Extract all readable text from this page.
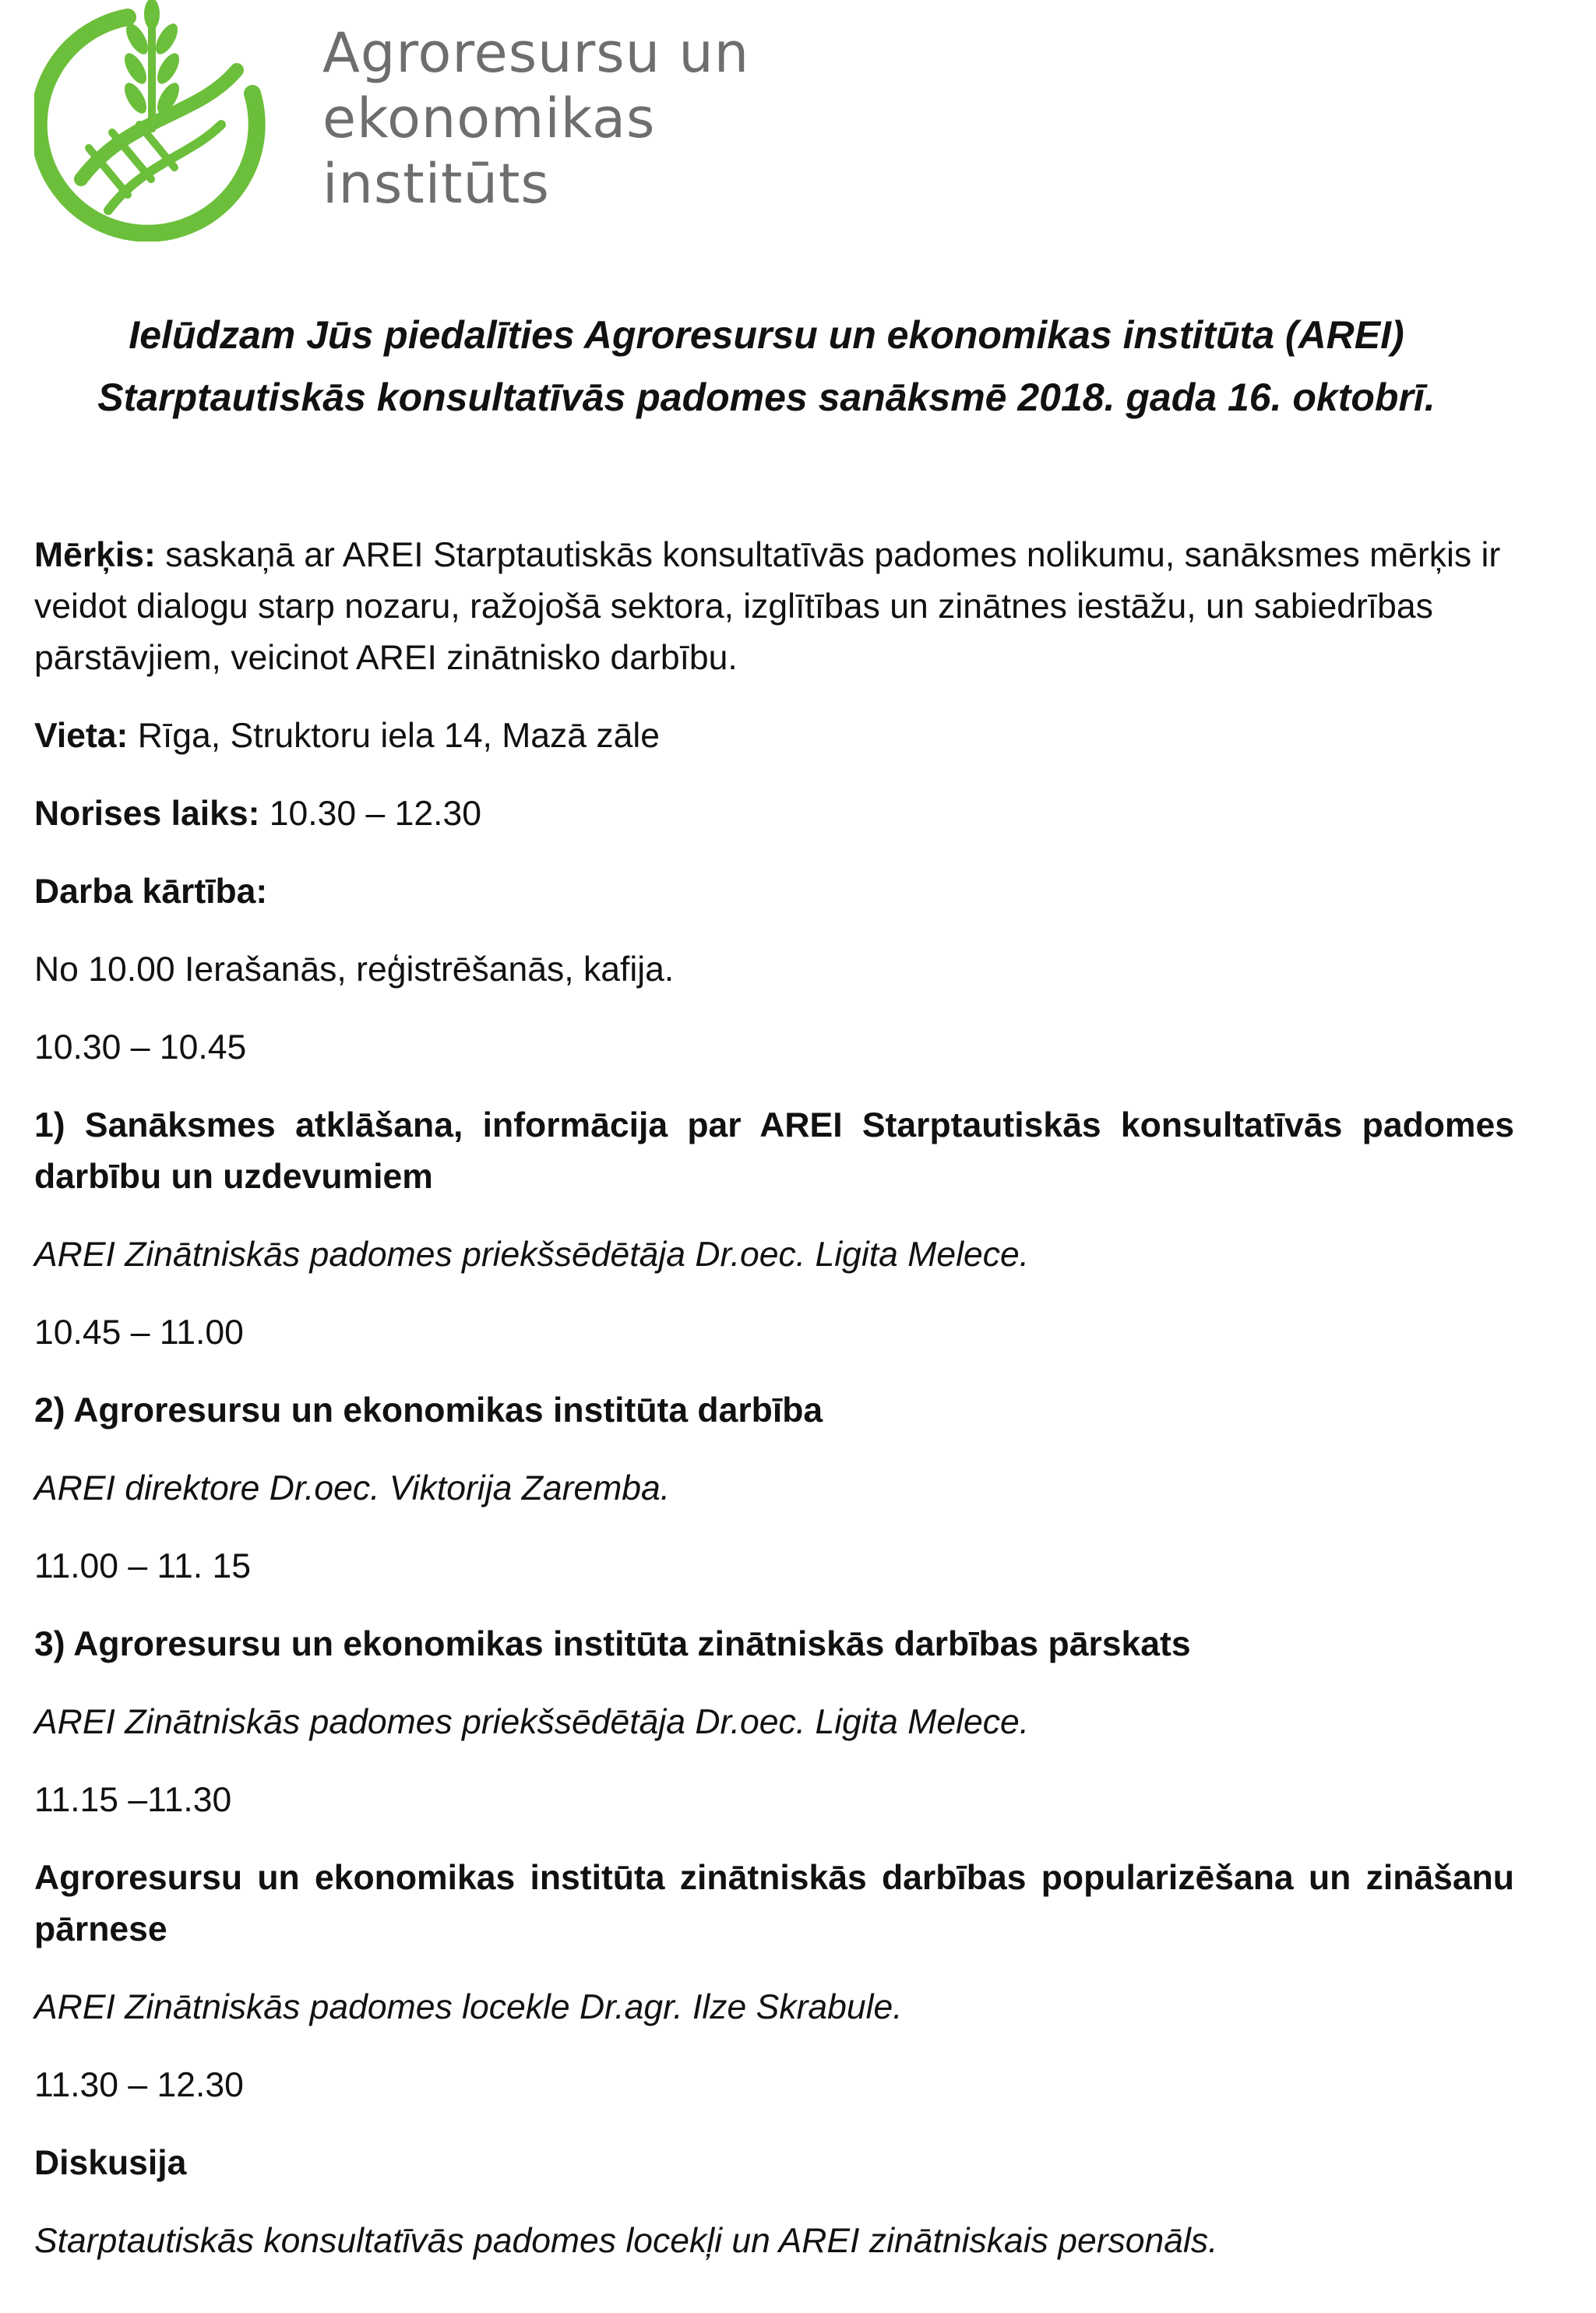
Agroresursu un
ekonomikas
institūts
Ielūdzam Jūs piedalīties Agroresursu un ekonomikas institūta (AREI)
Starptautiskās konsultatīvās padomes sanāksmē 2018. gada 16. oktobrī.

Mērķis: saskaņā ar AREI Starptautiskās konsultatīvās padomes nolikumu, sanāksmes mērķis ir veidot dialogu starp nozaru, ražojošā sektora, izglītības un zinātnes iestāžu, un sabiedrības pārstāvjiem, veicinot AREI zinātnisko darbību.

Vieta: Rīga, Struktoru iela 14, Mazā zāle

Norises laiks: 10.30 – 12.30

Darba kārtība:

No 10.00 Ierašanās, reģistrēšanās, kafija.

10.30 – 10.45

1) Sanāksmes atklāšana, informācija par AREI Starptautiskās konsultatīvās padomes darbību un uzdevumiem

AREI Zinātniskās padomes priekšsēdētāja Dr.oec. Ligita Melece.

10.45 – 11.00

2) Agroresursu un ekonomikas institūta darbība

AREI direktore Dr.oec. Viktorija Zaremba.

11.00 – 11. 15

3) Agroresursu un ekonomikas institūta zinātniskās darbības pārskats

AREI Zinātniskās padomes priekšsēdētāja Dr.oec. Ligita Melece.

11.15 –11.30

Agroresursu un ekonomikas institūta zinātniskās darbības popularizēšana un zināšanu pārnese

AREI Zinātniskās padomes locekle Dr.agr. Ilze Skrabule.

11.30 – 12.30

Diskusija

Starptautiskās konsultatīvās padomes locekļi un AREI zinātniskais personāls.
